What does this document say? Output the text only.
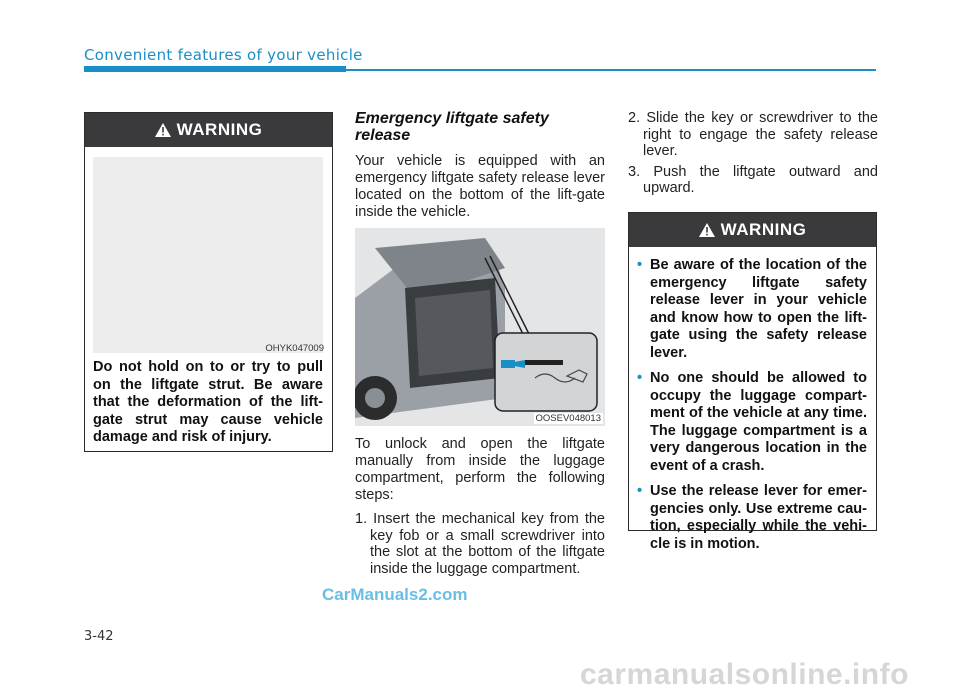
Convenient features of your vehicle
WARNING
OHYK047009
Do not hold on to or try to pull on the liftgate strut. Be aware that the deformation of the lift-gate strut may cause vehicle damage and risk of injury.
Emergency liftgate safety release

Your vehicle is equipped with an emergency liftgate safety release lever located on the bottom of the lift-gate inside the vehicle.

OOSEV048013

To unlock and open the liftgate manually from inside the luggage compartment, perform the following steps:

1. Insert the mechanical key from the key fob or a small screwdriver into the slot at the bottom of the liftgate inside the luggage compartment.

2. Slide the key or screwdriver to the right to engage the safety release lever.

3. Push the liftgate outward and upward.

WARNING
• Be aware of the location of the emergency liftgate safety release lever in your vehicle and know how to open the lift-gate using the safety release lever.
• No one should be allowed to occupy the luggage compart-ment of the vehicle at any time. The luggage compartment is a very dangerous location in the event of a crash.
• Use the release lever for emer-gencies only. Use extreme cau-tion, especially while the vehi-cle is in motion.
CarManuals2.com
3-42
carmanualsonline.info
